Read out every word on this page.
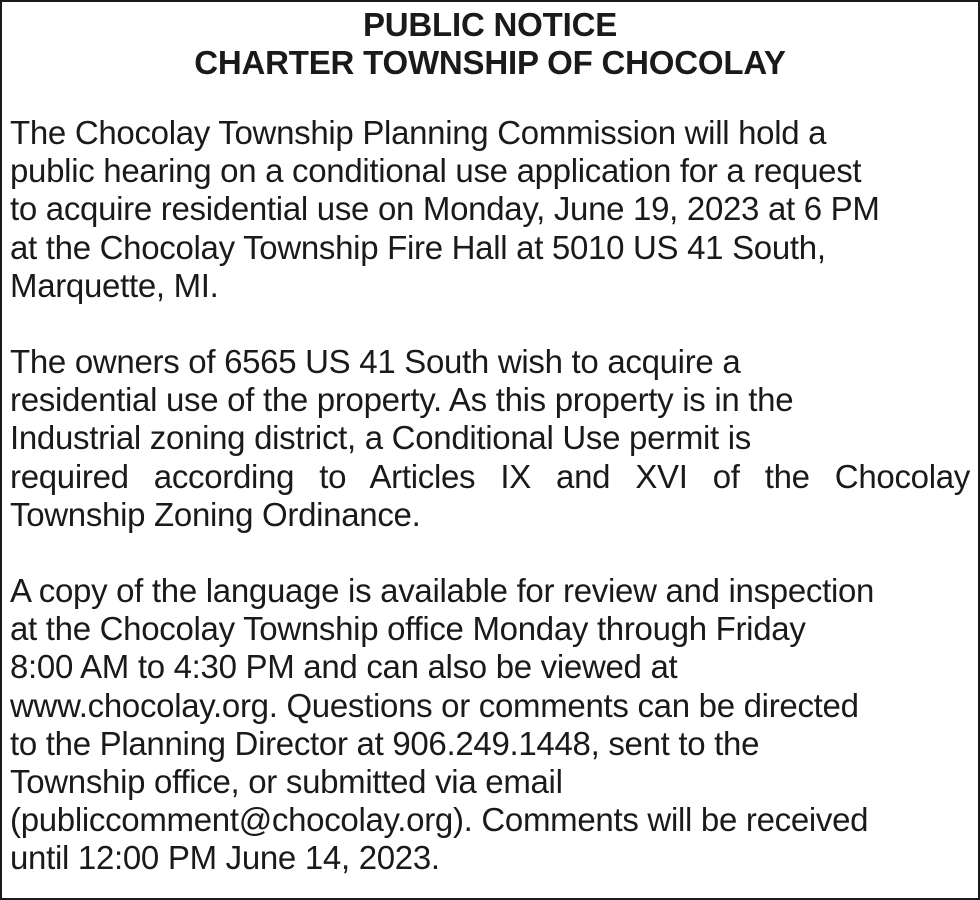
PUBLIC NOTICE
CHARTER TOWNSHIP OF CHOCOLAY

The Chocolay Township Planning Commission will hold a
public hearing on a conditional use application for a request
to acquire residential use on Monday, June 19, 2023 at 6 PM
at the Chocolay Township Fire Hall at 5010 US 41 South,
Marquette, MI.

The owners of 6565 US 41 South wish to acquire a
residential use of the property. As this property is in the
Industrial zoning district, a Conditional Use permit is
required according to Articles IX and XVI of the Chocolay
Township Zoning Ordinance.

A copy of the language is available for review and inspection
at the Chocolay Township office Monday through Friday
8:00 AM to 4:30 PM and can also be viewed at
www.chocolay.org. Questions or comments can be directed
to the Planning Director at 906.249.1448, sent to the
Township office, or submitted via email
(publiccomment@chocolay.org). Comments will be received
until 12:00 PM June 14, 2023.
